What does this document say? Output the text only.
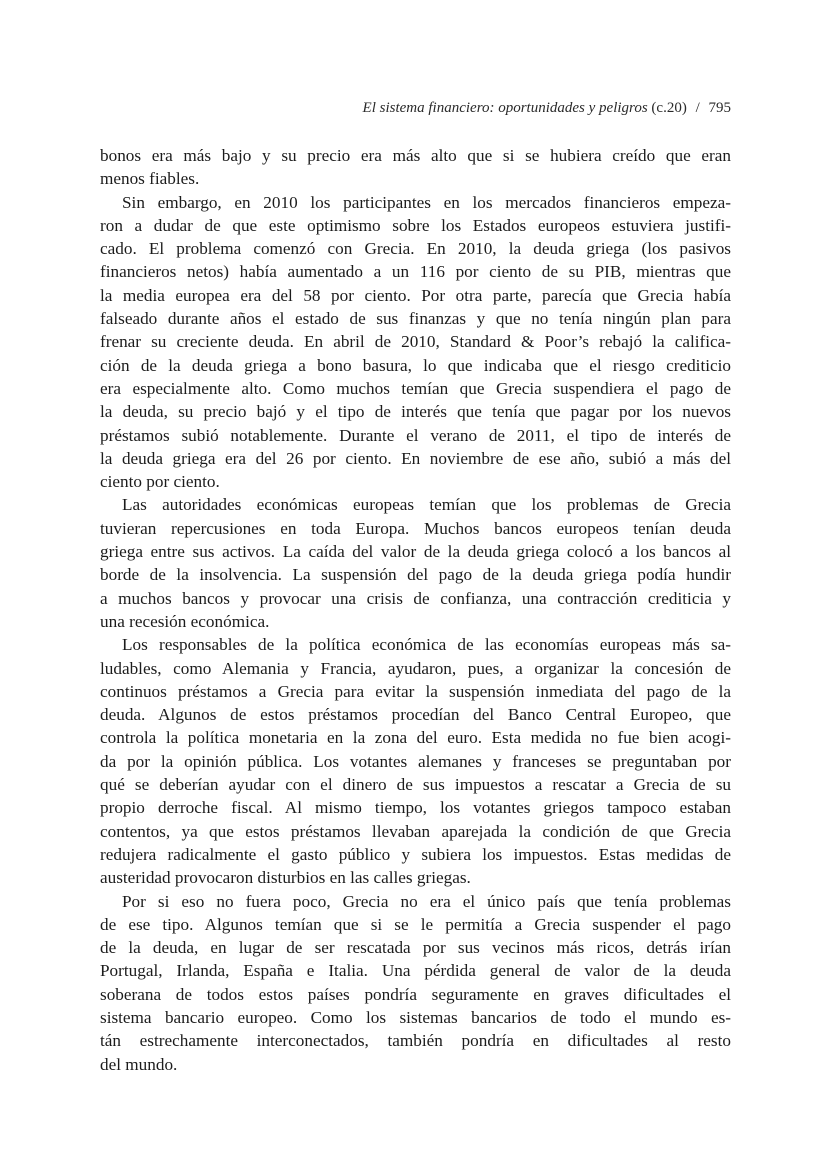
El sistema financiero: oportunidades y peligros (c.20) / 795
bonos era más bajo y su precio era más alto que si se hubiera creído que eran
menos fiables.
Sin embargo, en 2010 los participantes en los mercados financieros empeza-
ron a dudar de que este optimismo sobre los Estados europeos estuviera justifi-
cado. El problema comenzó con Grecia. En 2010, la deuda griega (los pasivos
financieros netos) había aumentado a un 116 por ciento de su PIB, mientras que
la media europea era del 58 por ciento. Por otra parte, parecía que Grecia había
falseado durante años el estado de sus finanzas y que no tenía ningún plan para
frenar su creciente deuda. En abril de 2010, Standard & Poor’s rebajó la califica-
ción de la deuda griega a bono basura, lo que indicaba que el riesgo crediticio
era especialmente alto. Como muchos temían que Grecia suspendiera el pago de
la deuda, su precio bajó y el tipo de interés que tenía que pagar por los nuevos
préstamos subió notablemente. Durante el verano de 2011, el tipo de interés de
la deuda griega era del 26 por ciento. En noviembre de ese año, subió a más del
ciento por ciento.
Las autoridades económicas europeas temían que los problemas de Grecia
tuvieran repercusiones en toda Europa. Muchos bancos europeos tenían deuda
griega entre sus activos. La caída del valor de la deuda griega colocó a los bancos al
borde de la insolvencia. La suspensión del pago de la deuda griega podía hundir
a muchos bancos y provocar una crisis de confianza, una contracción crediticia y
una recesión económica.
Los responsables de la política económica de las economías europeas más sa-
ludables, como Alemania y Francia, ayudaron, pues, a organizar la concesión de
continuos préstamos a Grecia para evitar la suspensión inmediata del pago de la
deuda. Algunos de estos préstamos procedían del Banco Central Europeo, que
controla la política monetaria en la zona del euro. Esta medida no fue bien acogi-
da por la opinión pública. Los votantes alemanes y franceses se preguntaban por
qué se deberían ayudar con el dinero de sus impuestos a rescatar a Grecia de su
propio derroche fiscal. Al mismo tiempo, los votantes griegos tampoco estaban
contentos, ya que estos préstamos llevaban aparejada la condición de que Grecia
redujera radicalmente el gasto público y subiera los impuestos. Estas medidas de
austeridad provocaron disturbios en las calles griegas.
Por si eso no fuera poco, Grecia no era el único país que tenía problemas
de ese tipo. Algunos temían que si se le permitía a Grecia suspender el pago
de la deuda, en lugar de ser rescatada por sus vecinos más ricos, detrás irían
Portugal, Irlanda, España e Italia. Una pérdida general de valor de la deuda
soberana de todos estos países pondría seguramente en graves dificultades el
sistema bancario europeo. Como los sistemas bancarios de todo el mundo es-
tán estrechamente interconectados, también pondría en dificultades al resto
del mundo.
